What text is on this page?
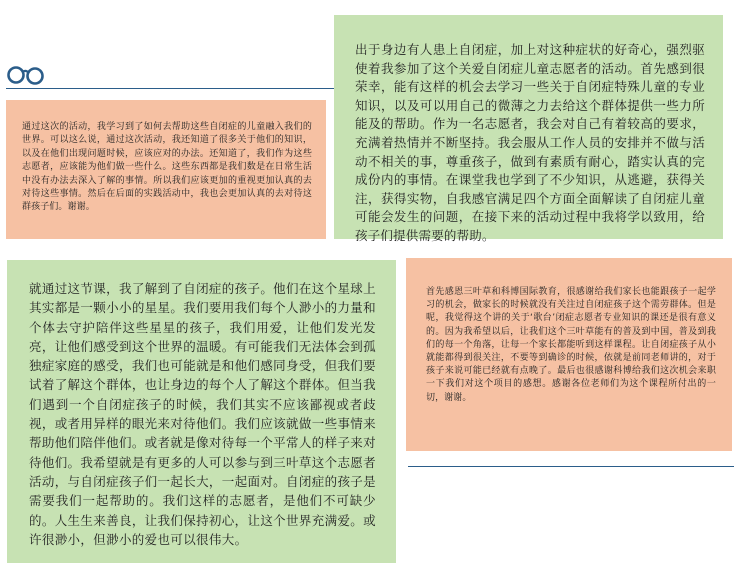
出于身边有人患上自闭症，加上对这种症状的好奇心，强烈驱使着我参加了这个关爱自闭症儿童志愿者的活动。首先感到很荣幸，能有这样的机会去学习一些关于自闭症特殊儿童的专业知识，以及可以用自己的微薄之力去给这个群体提供一些力所能及的帮助。作为一名志愿者，我会对自己有着较高的要求，充满着热情并不断坚持。我会服从工作人员的安排并不做与活动不相关的事，尊重孩子，做到有素质有耐心，踏实认真的完成份内的事情。在课堂我也学到了不少知识，从逃避，获得关注，获得实物，自我感官满足四个方面全面解读了自闭症儿童可能会发生的问题，在接下来的活动过程中我将学以致用，给孩子们提供需要的帮助。

通过这次的活动，我学习到了如何去帮助这些自闭症的儿童融入我们的世界。可以这么说，通过这次活动，我还知道了很多关于他们的知识，以及在他们出现问题时候，应该应对的办法。还知道了，我们作为这些志愿者，应该能为他们做一些什么。这些东西都是我们数是在日常生活中没有办法去深入了解的事情。所以我们应该更加的重视更加认真的去对待这些事情。然后在后面的实践活动中，我也会更加认真的去对待这群孩子们。谢谢。

就通过这节课，我了解到了自闭症的孩子。他们在这个星球上其实都是一颗小小的星星。我们要用我们每个人渺小的力量和个体去守护陪伴这些星星的孩子，我们用爱，让他们发光发亮，让他们感受到这个世界的温暖。有可能我们无法体会到孤独症家庭的感受，我们也可能就是和他们感同身受，但我们要试着了解这个群体，也让身边的每个人了解这个群体。但当我们遇到一个自闭症孩子的时候，我们其实不应该鄙视或者歧视，或者用异样的眼光来对待他们。我们应该就做一些事情来帮助他们陪伴他们。或者就是像对待每一个平常人的样子来对待他们。我希望就是有更多的人可以参与到三叶草这个志愿者活动，与自闭症孩子们一起长大，一起面对。自闭症的孩子是需要我们一起帮助的。我们这样的志愿者，是他们不可缺少的。人生生来善良，让我们保持初心，让这个世界充满爱。或许很渺小，但渺小的爱也可以很伟大。

首先感恩三叶草和科博国际教育，很感谢给我们家长也能跟孩子一起学习的机会，做家长的时候就没有关注过自闭症孩子这个需劳群体。但是呢，我觉得这个讲的关于‘歌台’闭症志愿者专业知识的课还是很有意义的。因为我希望以后，让我们这个三叶草能有的普及到中国，普及到我们的每一个角落，让每一个家长都能听到这样课程。让自闭症孩子从小就能都得到很关注，不要等到确诊的时候，依就是前同老师讲的，对于孩子来说可能已经就有点晚了。最后也很感谢科博给我们这次机会来职一下我们对这个项目的感想。感谢各位老师们为这个课程所付出的一切，谢谢。
